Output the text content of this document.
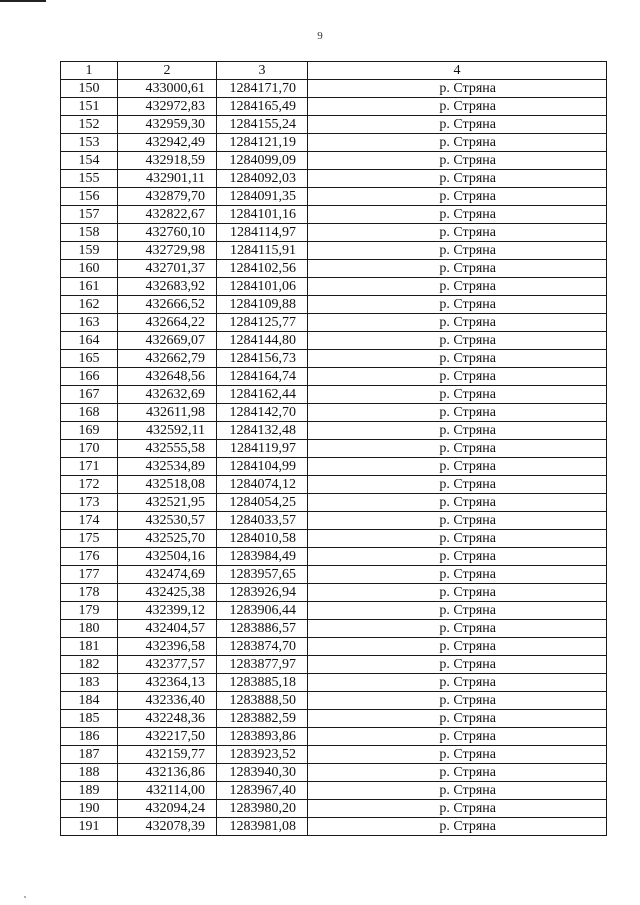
9
1	2	3	4
150	433000,61	1284171,70	р. Стряна
151	432972,83	1284165,49	р. Стряна
152	432959,30	1284155,24	р. Стряна
153	432942,49	1284121,19	р. Стряна
154	432918,59	1284099,09	р. Стряна
155	432901,11	1284092,03	р. Стряна
156	432879,70	1284091,35	р. Стряна
157	432822,67	1284101,16	р. Стряна
158	432760,10	1284114,97	р. Стряна
159	432729,98	1284115,91	р. Стряна
160	432701,37	1284102,56	р. Стряна
161	432683,92	1284101,06	р. Стряна
162	432666,52	1284109,88	р. Стряна
163	432664,22	1284125,77	р. Стряна
164	432669,07	1284144,80	р. Стряна
165	432662,79	1284156,73	р. Стряна
166	432648,56	1284164,74	р. Стряна
167	432632,69	1284162,44	р. Стряна
168	432611,98	1284142,70	р. Стряна
169	432592,11	1284132,48	р. Стряна
170	432555,58	1284119,97	р. Стряна
171	432534,89	1284104,99	р. Стряна
172	432518,08	1284074,12	р. Стряна
173	432521,95	1284054,25	р. Стряна
174	432530,57	1284033,57	р. Стряна
175	432525,70	1284010,58	р. Стряна
176	432504,16	1283984,49	р. Стряна
177	432474,69	1283957,65	р. Стряна
178	432425,38	1283926,94	р. Стряна
179	432399,12	1283906,44	р. Стряна
180	432404,57	1283886,57	р. Стряна
181	432396,58	1283874,70	р. Стряна
182	432377,57	1283877,97	р. Стряна
183	432364,13	1283885,18	р. Стряна
184	432336,40	1283888,50	р. Стряна
185	432248,36	1283882,59	р. Стряна
186	432217,50	1283893,86	р. Стряна
187	432159,77	1283923,52	р. Стряна
188	432136,86	1283940,30	р. Стряна
189	432114,00	1283967,40	р. Стряна
190	432094,24	1283980,20	р. Стряна
191	432078,39	1283981,08	р. Стряна
